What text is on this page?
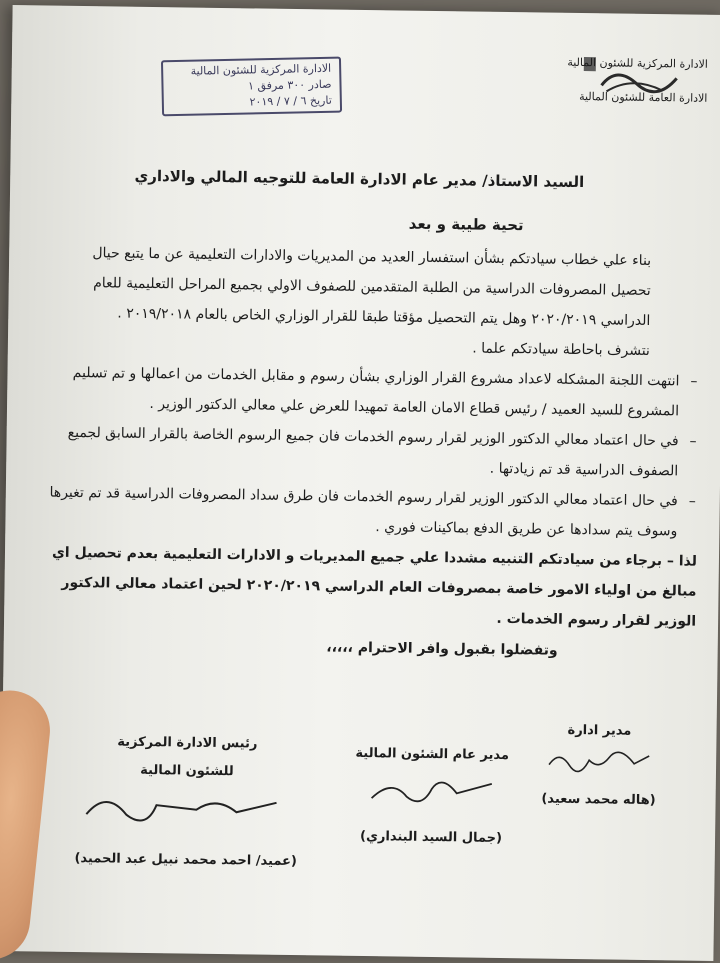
الادارة المركزية للشئون المالية
الادارة العامة للشئون المالية
الادارة المركزية للشئون المالية
صادر ٣٠٠ مرفق ١
تاريخ ٦ / ٧ / ٢٠١٩
السيد الاستاذ/ مدير عام الادارة العامة للتوجيه المالي والاداري
تحية طيبة و بعد

بناء علي خطاب سيادتكم بشأن استفسار العديد من المديريات والادارات التعليمية عن ما يتبع حيال تحصيل المصروفات الدراسية من الطلبة المتقدمين للصفوف الاولي بجميع المراحل التعليمية للعام الدراسي ٢٠٢٠/٢٠١٩ وهل يتم التحصيل مؤقتا طبقا للقرار الوزاري الخاص بالعام ٢٠١٩/٢٠١٨ .

نتشرف باحاطة سيادتكم علما .

– انتهت اللجنة المشكله لاعداد مشروع القرار الوزاري بشأن رسوم و مقابل الخدمات من اعمالها و تم تسليم المشروع للسيد العميد / رئيس قطاع الامان العامة تمهيدا للعرض علي معالي الدكتور الوزير .

– في حال اعتماد معالي الدكتور الوزير لقرار رسوم الخدمات فان جميع الرسوم الخاصة بالقرار السابق لجميع الصفوف الدراسية قد تم زيادتها .

– في حال اعتماد معالي الدكتور الوزير لقرار رسوم الخدمات فان طرق سداد المصروفات الدراسية قد تم تغيرها وسوف يتم سدادها عن طريق الدفع بماكينات فوري .

لذا – برجاء من سيادتكم التنبيه مشددا علي جميع المديريات و الادارات التعليمية بعدم تحصيل اي مبالغ من اولياء الامور خاصة بمصروفات العام الدراسي ٢٠٢٠/٢٠١٩ لحين اعتماد معالي الدكتور الوزير لقرار رسوم الخدمات .

وتفضلوا بقبول وافر الاحترام ،،،،،
مدير ادارة
(هاله محمد سعيد)
مدير عام الشئون المالية
(جمال السيد البنداري)
رئيس الادارة المركزية
للشئون المالية
(عميد/ احمد محمد نبيل عبد الحميد)
